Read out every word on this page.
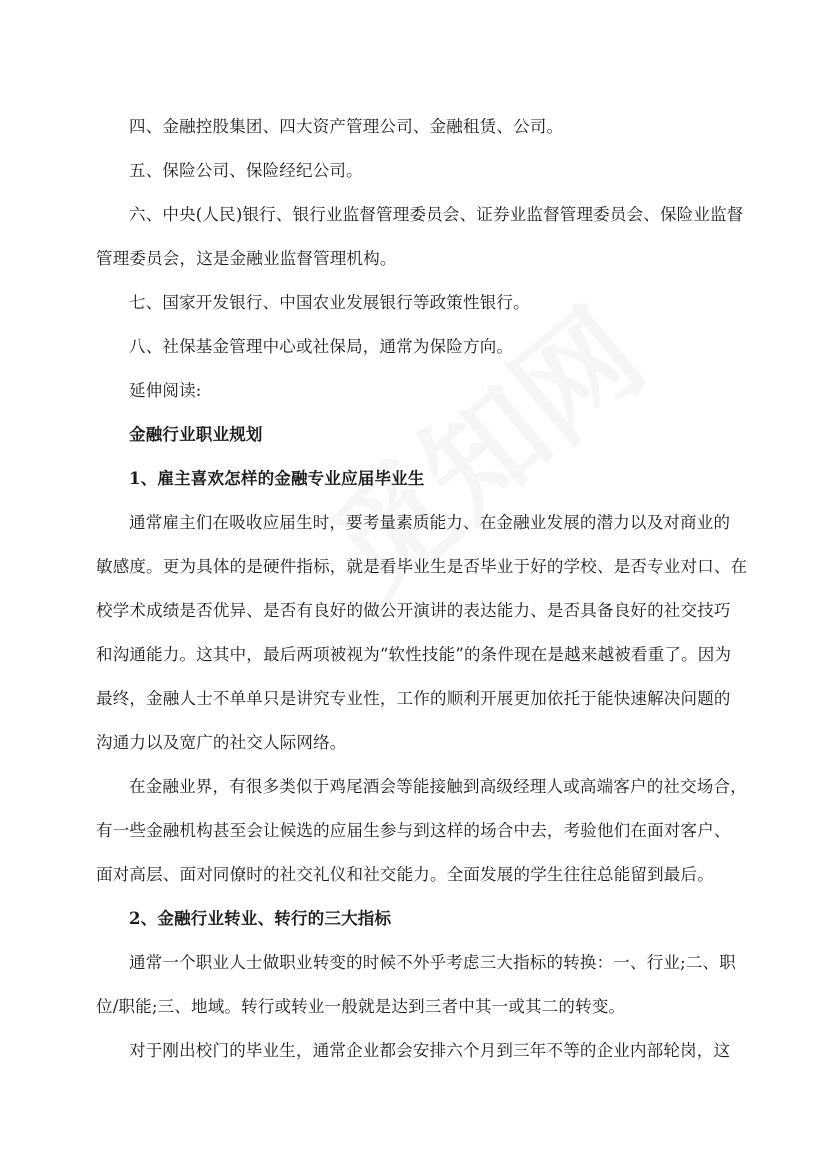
四、金融控股集团、四大资产管理公司、金融租赁、公司。
五、保险公司、保险经纪公司。
六、中央(人民)银行、银行业监督管理委员会、证券业监督管理委员会、保险业监督
管理委员会，这是金融业监督管理机构。
七、国家开发银行、中国农业发展银行等政策性银行。
八、社保基金管理中心或社保局，通常为保险方向。
延伸阅读:
金融行业职业规划
1、雇主喜欢怎样的金融专业应届毕业生
通常雇主们在吸收应届生时，要考量素质能力、在金融业发展的潜力以及对商业的
敏感度。更为具体的是硬件指标，就是看毕业生是否毕业于好的学校、是否专业对口、在
校学术成绩是否优异、是否有良好的做公开演讲的表达能力、是否具备良好的社交技巧
和沟通能力。这其中，最后两项被视为“软性技能”的条件现在是越来越被看重了。因为
最终，金融人士不单单只是讲究专业性，工作的顺利开展更加依托于能快速解决问题的
沟通力以及宽广的社交人际网络。
在金融业界，有很多类似于鸡尾酒会等能接触到高级经理人或高端客户的社交场合，
有一些金融机构甚至会让候选的应届生参与到这样的场合中去，考验他们在面对客户、
面对高层、面对同僚时的社交礼仪和社交能力。全面发展的学生往往总能留到最后。
2、金融行业转业、转行的三大指标
通常一个职业人士做职业转变的时候不外乎考虑三大指标的转换：一、行业;二、职
位/职能;三、地域。转行或转业一般就是达到三者中其一或其二的转变。
对于刚出校门的毕业生，通常企业都会安排六个月到三年不等的企业内部轮岗，这
